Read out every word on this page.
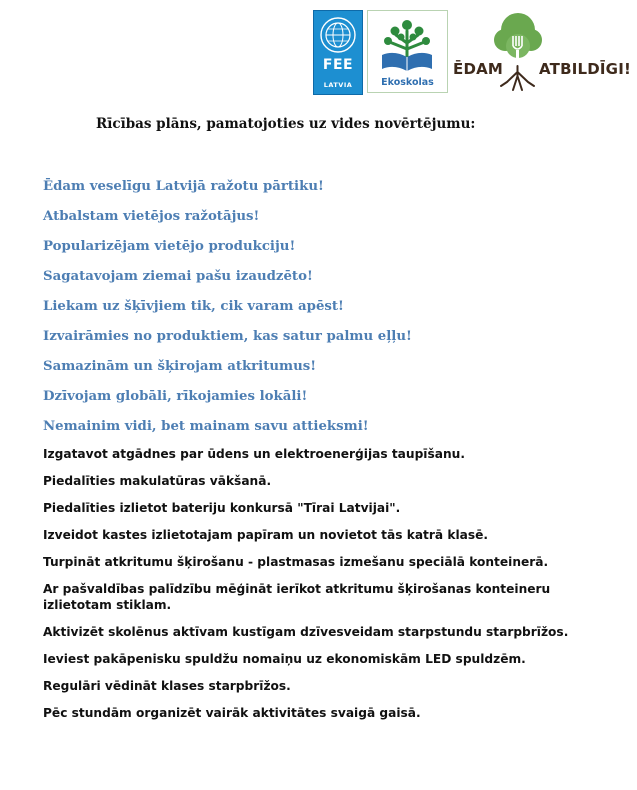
FEE
LATVIA	Ekoskolas
ĒDAM ATBILDĪGI!
Rīcības plāns, pamatojoties uz vides novērtējumu:
Ēdam veselīgu Latvijā ražotu pārtiku!
Atbalstam vietējos ražotājus!
Popularizējam vietējo produkciju!
Sagatavojam ziemai pašu izaudzēto!
Liekam uz šķīvjiem tik, cik varam apēst!
Izvairāmies no produktiem, kas satur palmu eļļu!
Samazinām un šķirojam atkritumus!
Dzīvojam globāli, rīkojamies lokāli!
Nemainim vidi, bet mainam savu attieksmi!
Izgatavot atgādnes par ūdens un elektroenerģijas taupīšanu.
Piedalīties makulatūras vākšanā.
Piedalīties izlietot bateriju konkursā "Tīrai Latvijai".
Izveidot kastes izlietotajam papīram un novietot tās katrā klasē.
Turpināt atkritumu šķirošanu - plastmasas izmešanu speciālā konteinerā.
Ar pašvaldības palīdzību mēģināt ierīkot atkritumu šķirošanas konteineru izlietotam stiklam.
Aktivizēt skolēnus aktīvam kustīgam dzīvesveidam starpstundu starpbrīžos.
Ieviest pakāpenisku spuldžu nomaiņu uz ekonomiskām LED spuldzēm.
Regulāri vēdināt klases starpbrīžos.
Pēc stundām organizēt vairāk aktivitātes svaigā gaisā.
